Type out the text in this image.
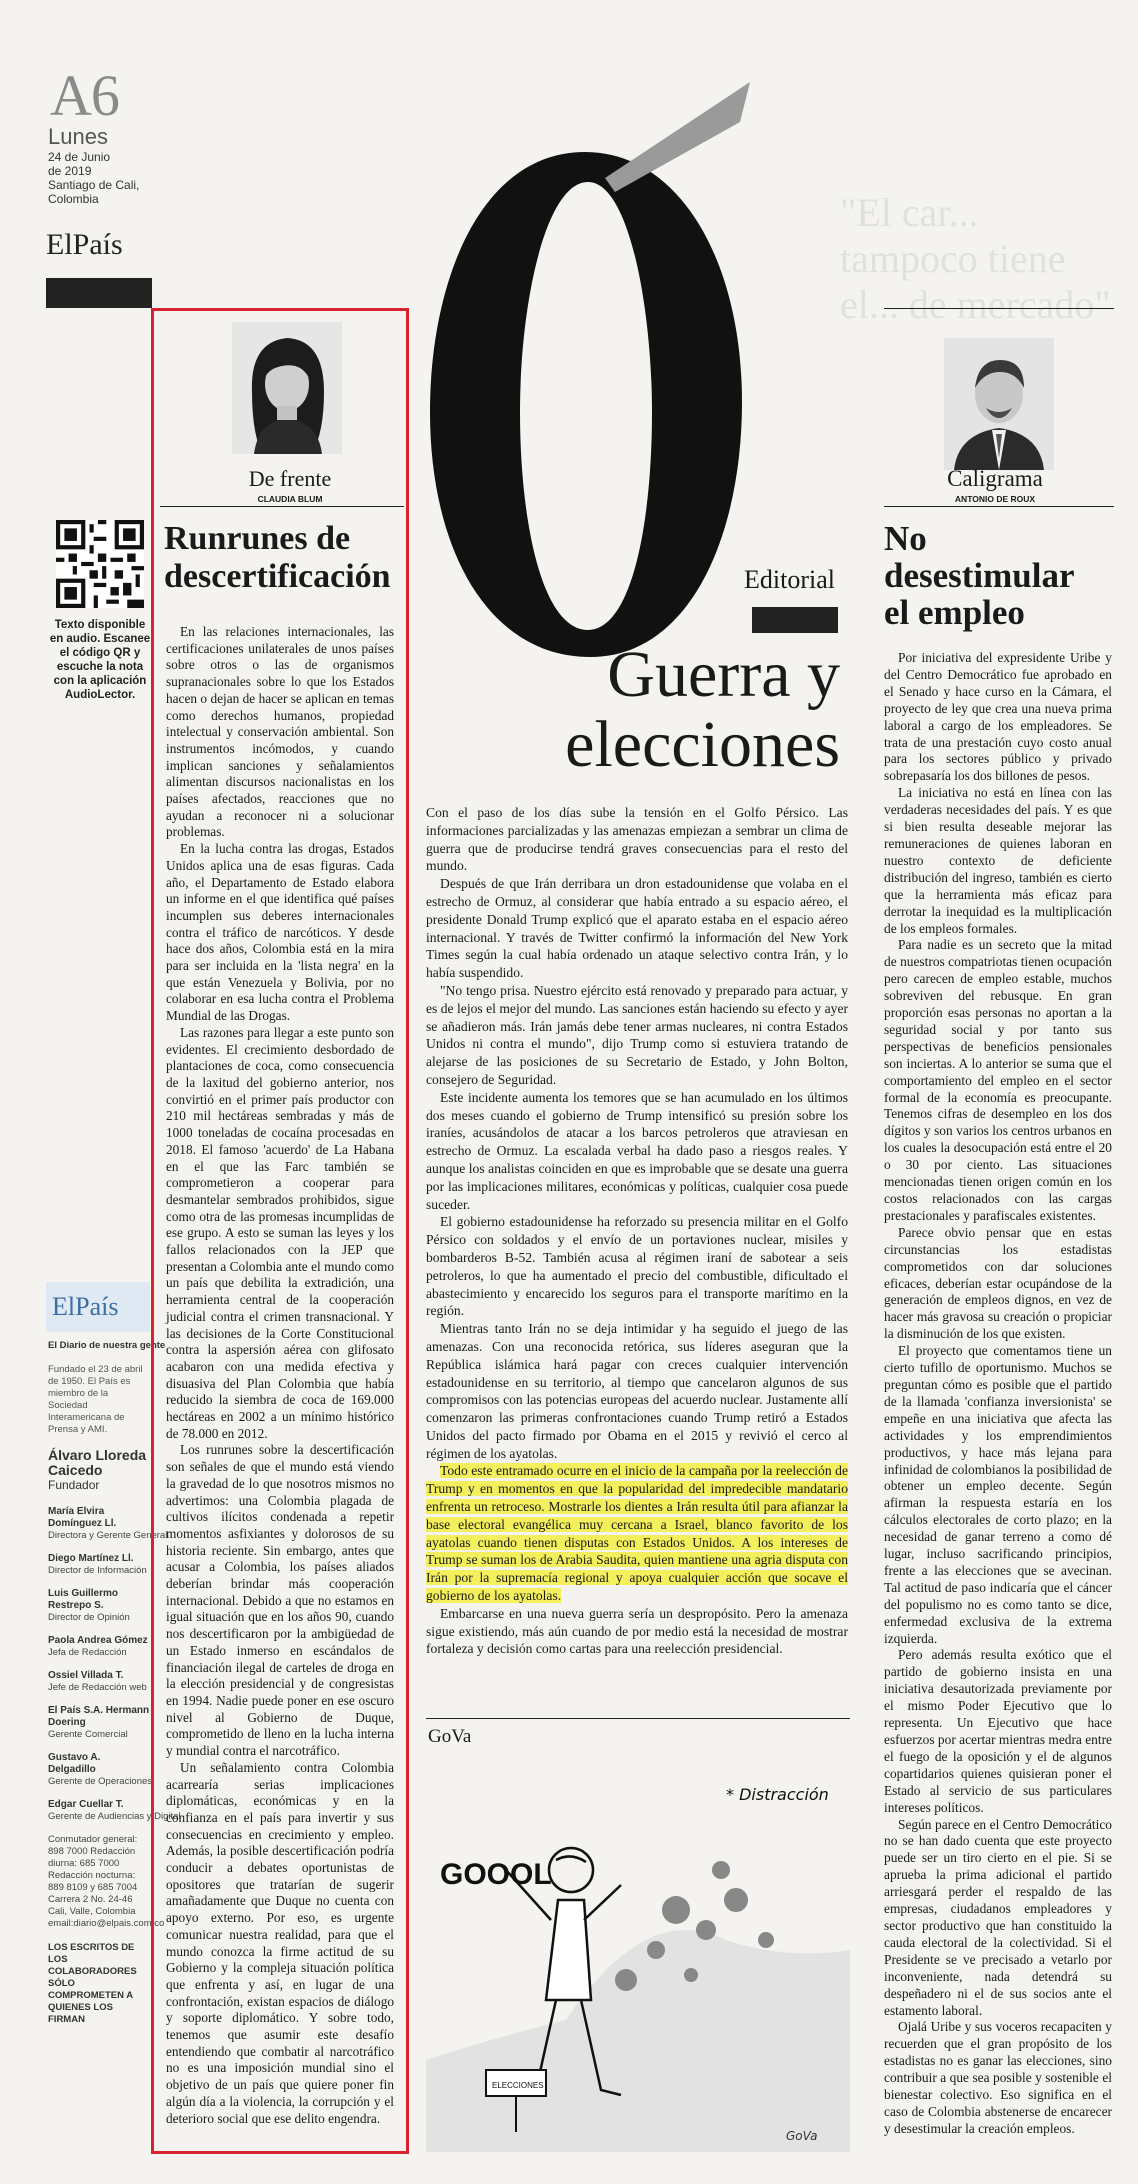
A6
Lunes
24 de Junio
de 2019
Santiago de Cali,
Colombia
ElPaís
Texto disponible en audio. Escanee el código QR y escuche la nota con la aplicación
AudioLector.
ElPaís
El Diario de nuestra gente
Fundado el 23 de abril de 1950. El País es miembro de la Sociedad Interamericana de Prensa y AMI.
Álvaro Lloreda Caicedo
Fundador
María Elvira Domínguez Ll.
Directora y Gerente General
Diego Martínez Ll.
Director de Información
Luis Guillermo Restrepo S.
Director de Opinión
Paola Andrea Gómez
Jefa de Redacción
Ossiel Villada T.
Jefe de Redacción web
El País S.A. Hermann Doering
Gerente Comercial
Gustavo A. Delgadillo
Gerente de Operaciones
Edgar Cuellar T.
Gerente de Audiencias y Digital
Conmutador general: 898 7000 Redacción diurna: 685 7000 Redacción nocturna: 889 8109 y 685 7004 Carrera 2 No. 24-46 Cali, Valle, Colombia email:diario@elpais.com.co
LOS ESCRITOS DE LOS COLABORADORES SÓLO COMPROMETEN A QUIENES LOS FIRMAN
De frente
CLAUDIA BLUM
Runrunes de
descertificación

En las relaciones internacionales, las certificaciones unilaterales de unos países sobre otros o las de organismos supranacionales sobre lo que los Estados hacen o dejan de hacer se aplican en temas como derechos humanos, propiedad intelectual y conservación ambiental. Son instrumentos incómodos, y cuando implican sanciones y señalamientos alimentan discursos nacionalistas en los países afectados, reacciones que no ayudan a reconocer ni a solucionar problemas.

En la lucha contra las drogas, Estados Unidos aplica una de esas figuras. Cada año, el Departamento de Estado elabora un informe en el que identifica qué países incumplen sus deberes internacionales contra el tráfico de narcóticos. Y desde hace dos años, Colombia está en la mira para ser incluida en la 'lista negra' en la que están Venezuela y Bolivia, por no colaborar en esa lucha contra el Problema Mundial de las Drogas.

Las razones para llegar a este punto son evidentes. El crecimiento desbordado de plantaciones de coca, como consecuencia de la laxitud del gobierno anterior, nos convirtió en el primer país productor con 210 mil hectáreas sembradas y más de 1000 toneladas de cocaína procesadas en 2018. El famoso 'acuerdo' de La Habana en el que las Farc también se comprometieron a cooperar para desmantelar sembrados prohibidos, sigue como otra de las promesas incumplidas de ese grupo. A esto se suman las leyes y los fallos relacionados con la JEP que presentan a Colombia ante el mundo como un país que debilita la extradición, una herramienta central de la cooperación judicial contra el crimen transnacional. Y las decisiones de la Corte Constitucional contra la aspersión aérea con glifosato acabaron con una medida efectiva y disuasiva del Plan Colombia que había reducido la siembra de coca de 169.000 hectáreas en 2002 a un mínimo histórico de 78.000 en 2012.

Los runrunes sobre la descertificación son señales de que el mundo está viendo la gravedad de lo que nosotros mismos no advertimos: una Colombia plagada de cultivos ilícitos condenada a repetir momentos asfixiantes y dolorosos de su historia reciente. Sin embargo, antes que acusar a Colombia, los países aliados deberían brindar más cooperación internacional. Debido a que no estamos en igual situación que en los años 90, cuando nos descertificaron por la ambigüedad de un Estado inmerso en escándalos de financiación ilegal de carteles de droga en la elección presidencial y de congresistas en 1994. Nadie puede poner en ese oscuro nivel al Gobierno de Duque, comprometido de lleno en la lucha interna y mundial contra el narcotráfico.

Un señalamiento contra Colombia acarrearía serias implicaciones diplomáticas, económicas y en la confianza en el país para invertir y sus consecuencias en crecimiento y empleo. Además, la posible descertificación podría conducir a debates oportunistas de opositores que tratarían de sugerir amañadamente que Duque no cuenta con apoyo externo. Por eso, es urgente comunicar nuestra realidad, para que el mundo conozca la firme actitud de su Gobierno y la compleja situación política que enfrenta y así, en lugar de una confrontación, existan espacios de diálogo y soporte diplomático. Y sobre todo, tenemos que asumir este desafío entendiendo que combatir al narcotráfico no es una imposición mundial sino el objetivo de un país que quiere poner fin algún día a la violencia, la corrupción y el deterioro social que ese delito engendra.

Editorial
Guerra y
elecciones

Con el paso de los días sube la tensión en el Golfo Pérsico. Las informaciones parcializadas y las amenazas empiezan a sembrar un clima de guerra que de producirse tendrá graves consecuencias para el resto del mundo.

Después de que Irán derribara un dron estadounidense que volaba en el estrecho de Ormuz, al considerar que había entrado a su espacio aéreo, el presidente Donald Trump explicó que el aparato estaba en el espacio aéreo internacional. Y través de Twitter confirmó la información del New York Times según la cual había ordenado un ataque selectivo contra Irán, y lo había suspendido.

"No tengo prisa. Nuestro ejército está renovado y preparado para actuar, y es de lejos el mejor del mundo. Las sanciones están haciendo su efecto y ayer se añadieron más. Irán jamás debe tener armas nucleares, ni contra Estados Unidos ni contra el mundo", dijo Trump como si estuviera tratando de alejarse de las posiciones de su Secretario de Estado, y John Bolton, consejero de Seguridad.

Este incidente aumenta los temores que se han acumulado en los últimos dos meses cuando el gobierno de Trump intensificó su presión sobre los iraníes, acusándolos de atacar a los barcos petroleros que atraviesan en estrecho de Ormuz. La escalada verbal ha dado paso a riesgos reales. Y aunque los analistas coinciden en que es improbable que se desate una guerra por las implicaciones militares, económicas y políticas, cualquier cosa puede suceder.

El gobierno estadounidense ha reforzado su presencia militar en el Golfo Pérsico con soldados y el envío de un portaviones nuclear, misiles y bombarderos B-52. También acusa al régimen iraní de sabotear a seis petroleros, lo que ha aumentado el precio del combustible, dificultado el abastecimiento y encarecido los seguros para el transporte marítimo en la región.

Mientras tanto Irán no se deja intimidar y ha seguido el juego de las amenazas. Con una reconocida retórica, sus líderes aseguran que la República islámica hará pagar con creces cualquier intervención estadounidense en su territorio, al tiempo que cancelaron algunos de sus compromisos con las potencias europeas del acuerdo nuclear. Justamente allí comenzaron las primeras confrontaciones cuando Trump retiró a Estados Unidos del pacto firmado por Obama en el 2015 y revivió el cerco al régimen de los ayatolas.

Todo este entramado ocurre en el inicio de la campaña por la reelección de Trump y en momentos en que la popularidad del impredecible mandatario enfrenta un retroceso. Mostrarle los dientes a Irán resulta útil para afianzar la base electoral evangélica muy cercana a Israel, blanco favorito de los ayatolas cuando tienen disputas con Estados Unidos. A los intereses de Trump se suman los de Arabia Saudita, quien mantiene una agria disputa con Irán por la supremacía regional y apoya cualquier acción que socave el gobierno de los ayatolas.

Embarcarse en una nueva guerra sería un despropósito. Pero la amenaza sigue existiendo, más aún cuando de por medio está la necesidad de mostrar fortaleza y decisión como cartas para una reelección presidencial.

GoVa
GOOOL
* Distracción
ELECCIONES
GoVa
Caligrama
ANTONIO DE ROUX
No
desestimular
el empleo

Por iniciativa del expresidente Uribe y del Centro Democrático fue aprobado en el Senado y hace curso en la Cámara, el proyecto de ley que crea una nueva prima laboral a cargo de los empleadores. Se trata de una prestación cuyo costo anual para los sectores público y privado sobrepasaría los dos billones de pesos.

La iniciativa no está en línea con las verdaderas necesidades del país. Y es que si bien resulta deseable mejorar las remuneraciones de quienes laboran en nuestro contexto de deficiente distribución del ingreso, también es cierto que la herramienta más eficaz para derrotar la inequidad es la multiplicación de los empleos formales.

Para nadie es un secreto que la mitad de nuestros compatriotas tienen ocupación pero carecen de empleo estable, muchos sobreviven del rebusque. En gran proporción esas personas no aportan a la seguridad social y por tanto sus perspectivas de beneficios pensionales son inciertas. A lo anterior se suma que el comportamiento del empleo en el sector formal de la economía es preocupante. Tenemos cifras de desempleo en los dos dígitos y son varios los centros urbanos en los cuales la desocupación está entre el 20 o 30 por ciento. Las situaciones mencionadas tienen origen común en los costos relacionados con las cargas prestacionales y parafiscales existentes.

Parece obvio pensar que en estas circunstancias los estadistas comprometidos con dar soluciones eficaces, deberían estar ocupándose de la generación de empleos dignos, en vez de hacer más gravosa su creación o propiciar la disminución de los que existen.

El proyecto que comentamos tiene un cierto tufillo de oportunismo. Muchos se preguntan cómo es posible que el partido de la llamada 'confianza inversionista' se empeñe en una iniciativa que afecta las actividades y los emprendimientos productivos, y hace más lejana para infinidad de colombianos la posibilidad de obtener un empleo decente. Según afirman la respuesta estaría en los cálculos electorales de corto plazo; en la necesidad de ganar terreno a como dé lugar, incluso sacrificando principios, frente a las elecciones que se avecinan. Tal actitud de paso indicaría que el cáncer del populismo no es como tanto se dice, enfermedad exclusiva de la extrema izquierda.

Pero además resulta exótico que el partido de gobierno insista en una iniciativa desautorizada previamente por el mismo Poder Ejecutivo que lo representa. Un Ejecutivo que hace esfuerzos por acertar mientras medra entre el fuego de la oposición y el de algunos copartidarios quienes quisieran poner el Estado al servicio de sus particulares intereses políticos.

Según parece en el Centro Democrático no se han dado cuenta que este proyecto puede ser un tiro cierto en el pie. Si se aprueba la prima adicional el partido arriesgará perder el respaldo de las empresas, ciudadanos empleadores y sector productivo que han constituido la cauda electoral de la colectividad. Si el Presidente se ve precisado a vetarlo por inconveniente, nada detendrá su despeñadero ni el de sus socios ante el estamento laboral.

Ojalá Uribe y sus voceros recapaciten y recuerden que el gran propósito de los estadistas no es ganar las elecciones, sino contribuir a que sea posible y sostenible el bienestar colectivo. Eso significa en el caso de Colombia abstenerse de encarecer y desestimular la creación empleos.

"El car... tampoco tiene el... de mercado"
